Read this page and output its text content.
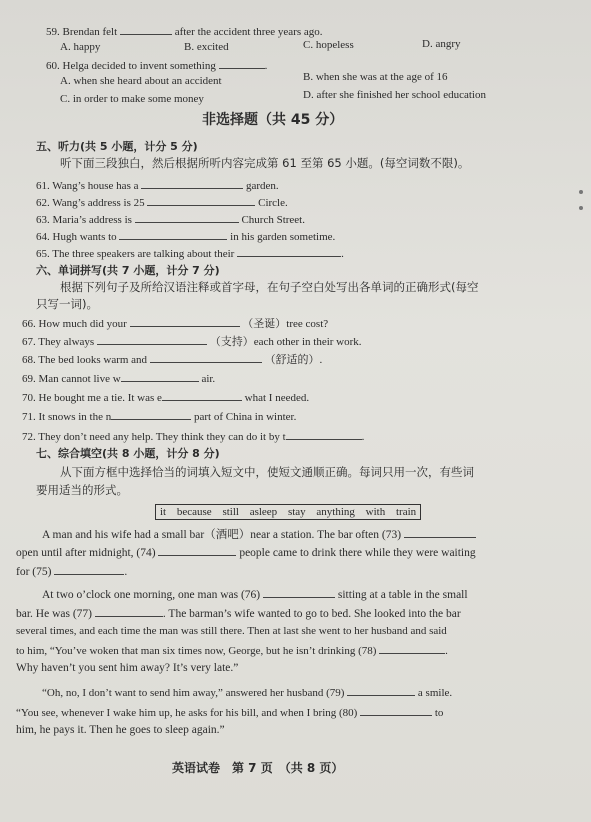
59. Brendan felt	after the accident three years ago.
A. happy	B. excited	C. hopeless	D. angry
60. Helga decided to invent something	.
A. when she heard about an accident	B. when she was at the age of 16
C. in order to make some money	D. after she finished her school education
非选择题（共 45 分）
五、听力(共 5 小题，计分 5 分)
听下面三段独白，然后根据所听内容完成第 61 至第 65 小题。(每空词数不限)。
61. Wang’s house has a	garden.
62. Wang’s address is 25	Circle.
63. Maria’s address is	Church Street.
64. Hugh wants to	in his garden sometime.
65. The three speakers are talking about their	.
六、单词拼写(共 7 小题，计分 7 分)
根据下列句子及所给汉语注释或首字母，在句子空白处写出各单词的正确形式(每空
只写一词)。
66. How much did your	（圣诞）tree cost?
67. They always	（支持）each other in their work.
68. The bed looks warm and	（舒适的）.
69. Man cannot live w	air.
70. He bought me a tie. It was e	what I needed.
71. It snows in the n	part of China in winter.
72. They don’t need any help. They think they can do it by t	.
七、综合填空(共 8 小题，计分 8 分)
从下面方框中选择恰当的词填入短文中，使短文通顺正确。每词只用一次，有些词
要用适当的形式。
it because still asleep stay anything with train
A man and his wife had a small bar（酒吧）near a station. The bar often (73)
open until after midnight, (74)	people came to drink there while they were waiting
for (75)	.
At two o’clock one morning, one man was (76)	sitting at a table in the small
bar. He was (77)	. The barman’s wife wanted to go to bed. She looked into the bar
several times, and each time the man was still there. Then at last she went to her husband and said
to him, “You’ve woken that man six times now, George, but he isn’t drinking (78)	.
Why haven’t you sent him away? It’s very late.”
“Oh, no, I don’t want to send him away,” answered her husband (79)	a smile.
“You see, whenever I wake him up, he asks for his bill, and when I bring (80)	to
him, he pays it. Then he goes to sleep again.”
英语试卷　第 7 页　（共 8 页）
